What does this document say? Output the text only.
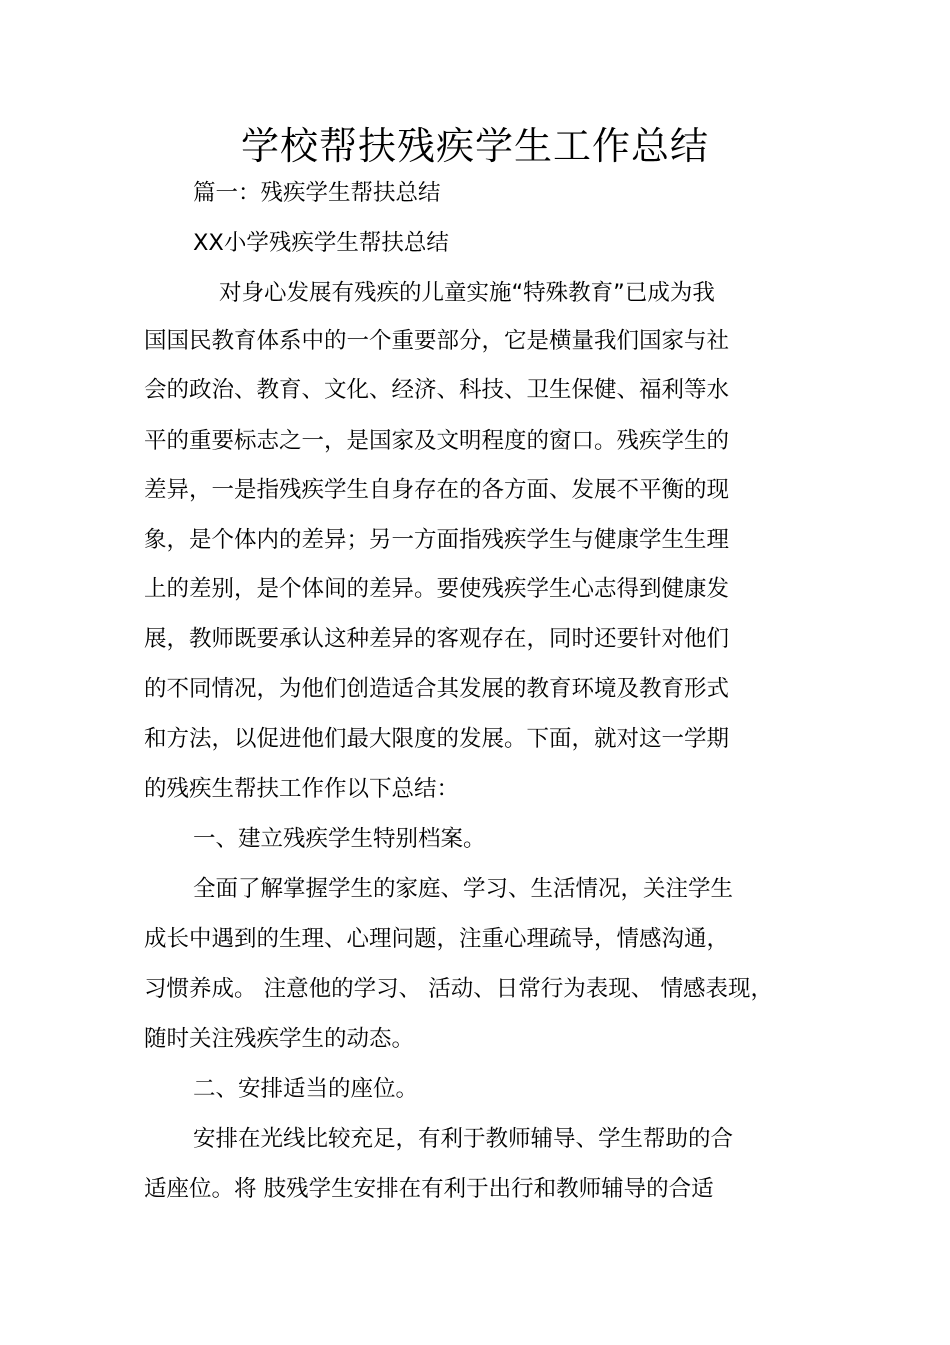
学校帮扶残疾学生工作总结
篇一：残疾学生帮扶总结
XX小学残疾学生帮扶总结
对身心发展有残疾的儿童实施“特殊教育”已成为我
国国民教育体系中的一个重要部分，它是横量我们国家与社
会的政治、教育、文化、经济、科技、卫生保健、福利等水
平的重要标志之一，是国家及文明程度的窗口。残疾学生的
差异，一是指残疾学生自身存在的各方面、发展不平衡的现
象，是个体内的差异；另一方面指残疾学生与健康学生生理
上的差别，是个体间的差异。要使残疾学生心志得到健康发
展，教师既要承认这种差异的客观存在，同时还要针对他们
的不同情况，为他们创造适合其发展的教育环境及教育形式
和方法，以促进他们最大限度的发展。下面，就对这一学期
的残疾生帮扶工作作以下总结：
一、建立残疾学生特别档案。
全面了解掌握学生的家庭、学习、生活情况，关注学生
成长中遇到的生理、心理问题，注重心理疏导，情感沟通，
习惯养成。 注意他的学习、 活动、日常行为表现、 情感表现，
随时关注残疾学生的动态。
二、安排适当的座位。
安排在光线比较充足，有利于教师辅导、学生帮助的合
适座位。将 肢残学生安排在有利于出行和教师辅导的合适
